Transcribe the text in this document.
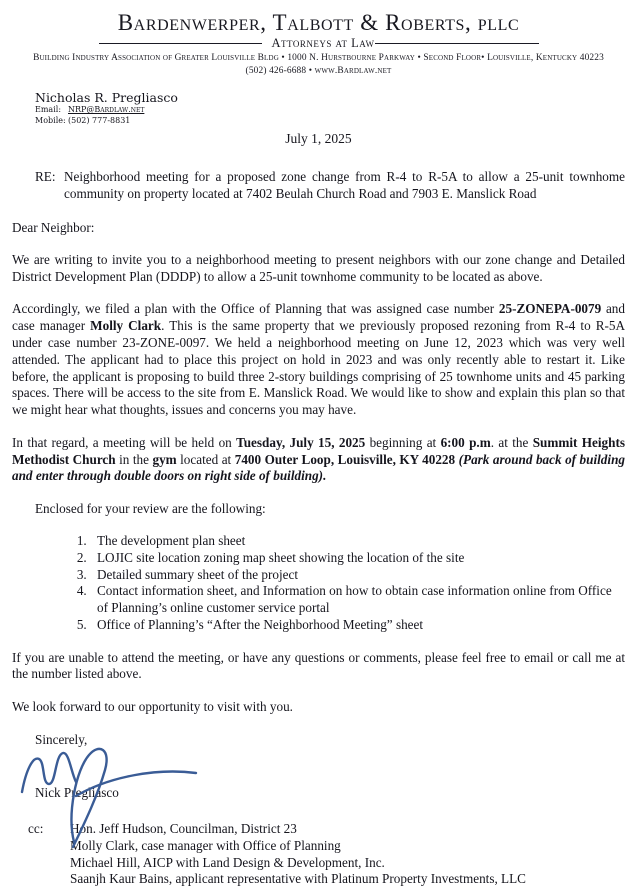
Bardenwerper, Talbott & Roberts, pllc
Attorneys at Law
Building Industry Association of Greater Louisville Bldg • 1000 N. Hurstbourne Parkway • Second Floor• Louisville, Kentucky 40223
(502) 426-6688 • www.Bardlaw.net
Nicholas R. Pregliasco
Email: NRP@Bardlaw.net
Mobile: (502) 777-8831
July 1, 2025
RE: Neighborhood meeting for a proposed zone change from R-4 to R-5A to allow a 25-unit townhome community on property located at 7402 Beulah Church Road and 7903 E. Manslick Road
Dear Neighbor:

We are writing to invite you to a neighborhood meeting to present neighbors with our zone change and Detailed District Development Plan (DDDP) to allow a 25-unit townhome community to be located as above.

Accordingly, we filed a plan with the Office of Planning that was assigned case number 25-ZONEPA-0079 and case manager Molly Clark. This is the same property that we previously proposed rezoning from R-4 to R-5A under case number 23-ZONE-0097. We held a neighborhood meeting on June 12, 2023 which was very well attended. The applicant had to place this project on hold in 2023 and was only recently able to restart it. Like before, the applicant is proposing to build three 2-story buildings comprising of 25 townhome units and 45 parking spaces. There will be access to the site from E. Manslick Road. We would like to show and explain this plan so that we might hear what thoughts, issues and concerns you may have.

In that regard, a meeting will be held on Tuesday, July 15, 2025 beginning at 6:00 p.m. at the Summit Heights Methodist Church in the gym located at 7400 Outer Loop, Louisville, KY 40228 (Park around back of building and enter through double doors on right side of building).

Enclosed for your review are the following:
1. The development plan sheet
2. LOJIC site location zoning map sheet showing the location of the site
3. Detailed summary sheet of the project
4. Contact information sheet, and Information on how to obtain case information online from Office of Planning’s online customer service portal
5. Office of Planning’s “After the Neighborhood Meeting” sheet

If you are unable to attend the meeting, or have any questions or comments, please feel free to email or call me at the number listed above.

We look forward to our opportunity to visit with you.

Sincerely,
Nick Pregliasco
cc:	Hon. Jeff Hudson, Councilman, District 23
Molly Clark, case manager with Office of Planning
Michael Hill, AICP with Land Design & Development, Inc.
Saanjh Kaur Bains, applicant representative with Platinum Property Investments, LLC
